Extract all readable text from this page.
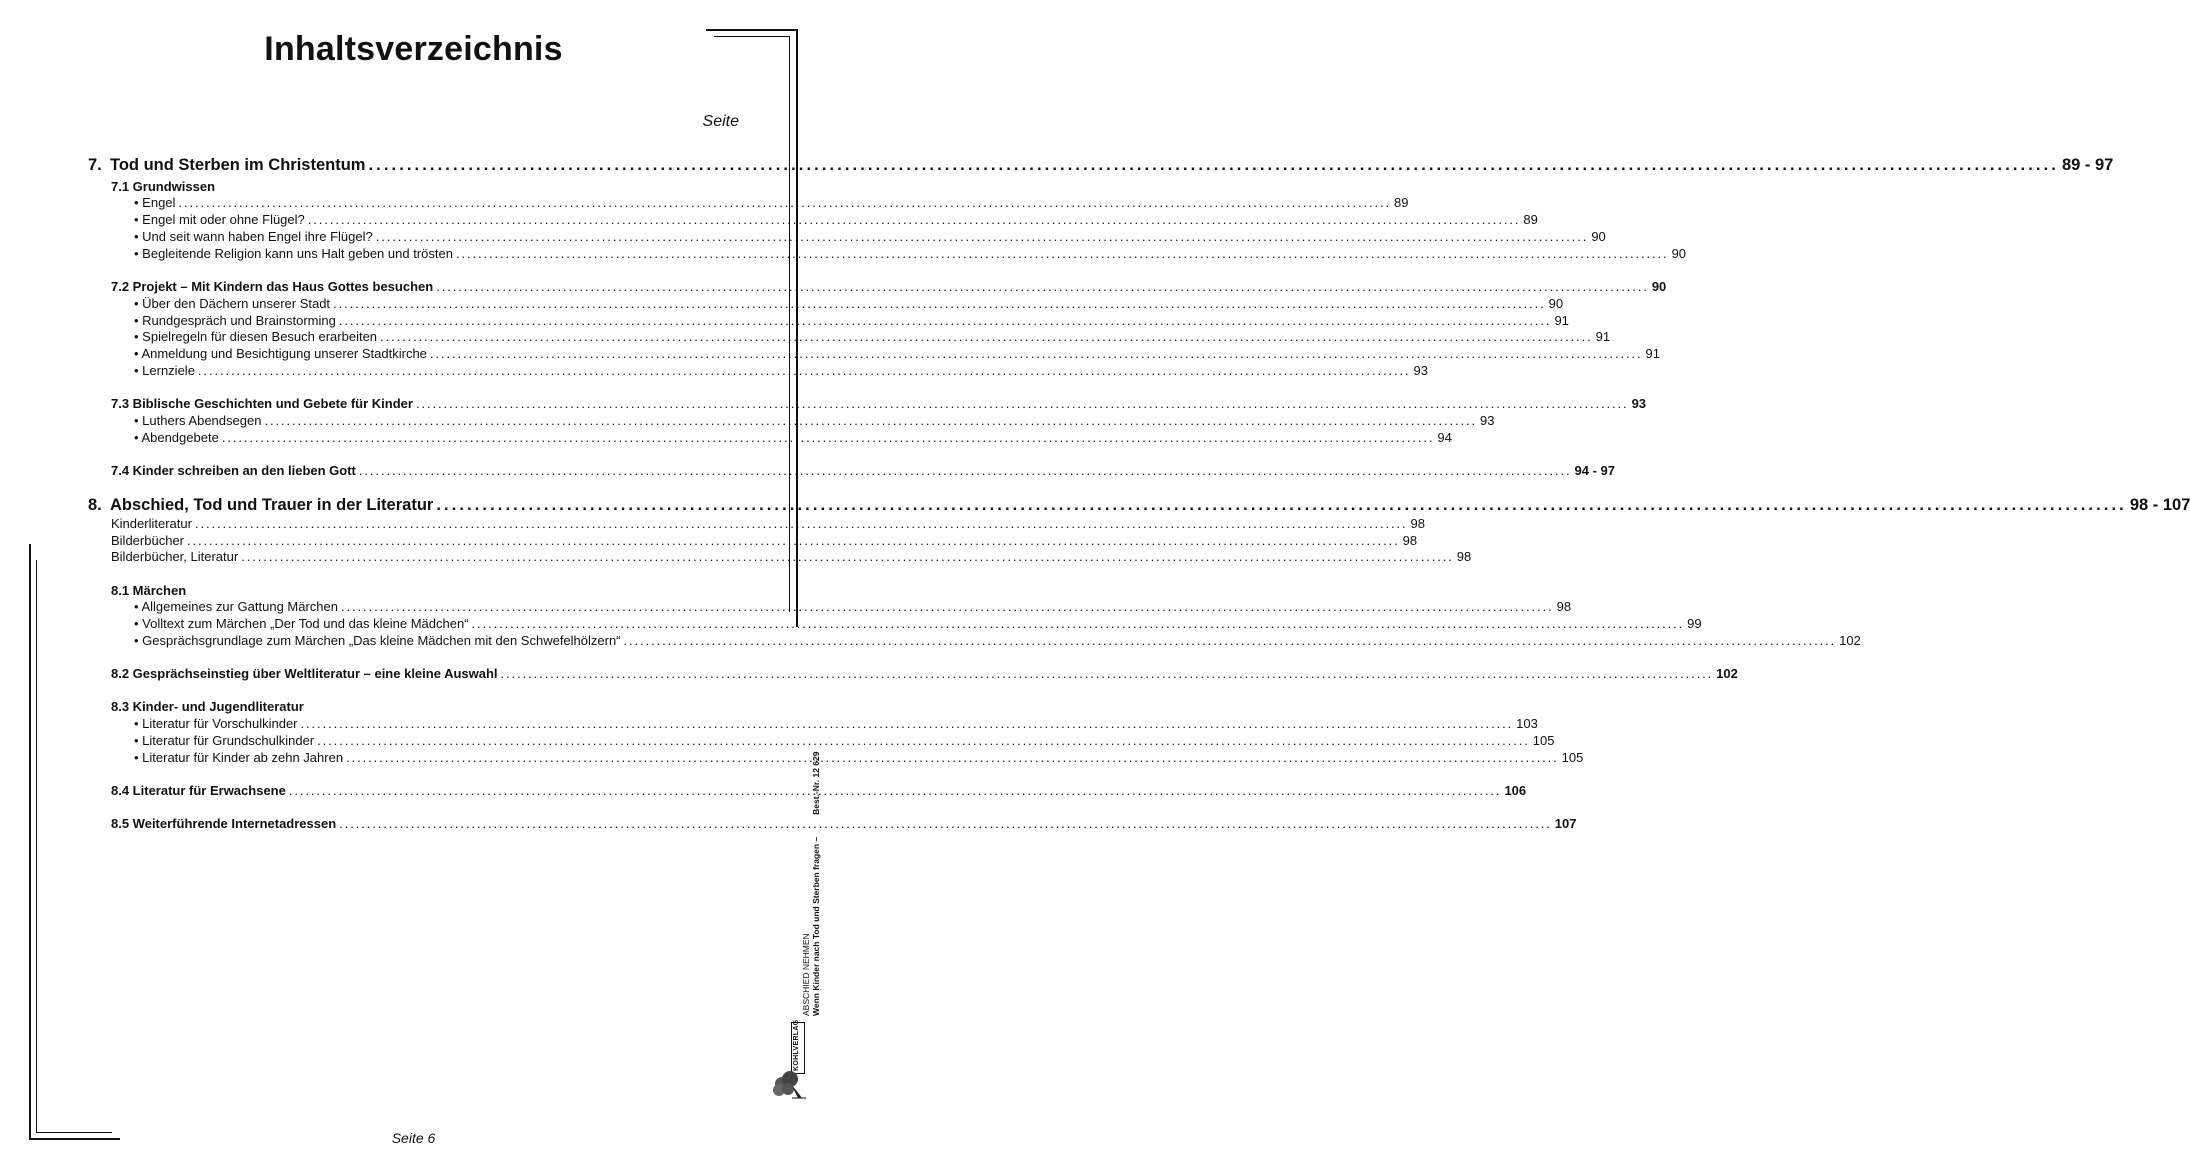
Inhaltsverzeichnis
Seite
7. Tod und Sterben im Christentum ............................................................................................................................................................................................................................ 89 - 97
7.1 Grundwissen
• Engel ............................................................................................................................................................................................................................ 89
• Engel mit oder ohne Flügel? ............................................................................................................................................................................................................................ 89
• Und seit wann haben Engel ihre Flügel? ............................................................................................................................................................................................................................ 90
• Begleitende Religion kann uns Halt geben und trösten ............................................................................................................................................................................................................................ 90
7.2 Projekt – Mit Kindern das Haus Gottes besuchen ............................................................................................................................................................................................................................ 90
• Über den Dächern unserer Stadt ............................................................................................................................................................................................................................ 90
• Rundgespräch und Brainstorming ............................................................................................................................................................................................................................ 91
• Spielregeln für diesen Besuch erarbeiten ............................................................................................................................................................................................................................ 91
• Anmeldung und Besichtigung unserer Stadtkirche ............................................................................................................................................................................................................................ 91
• Lernziele ............................................................................................................................................................................................................................ 93
7.3 Biblische Geschichten und Gebete für Kinder ............................................................................................................................................................................................................................ 93
• Luthers Abendsegen ............................................................................................................................................................................................................................ 93
• Abendgebete ............................................................................................................................................................................................................................ 94
7.4 Kinder schreiben an den lieben Gott ............................................................................................................................................................................................................................ 94 - 97
8. Abschied, Tod und Trauer in der Literatur ............................................................................................................................................................................................................................ 98 - 107
Kinderliteratur ............................................................................................................................................................................................................................ 98
Bilderbücher ............................................................................................................................................................................................................................ 98
Bilderbücher, Literatur ............................................................................................................................................................................................................................ 98
8.1 Märchen
• Allgemeines zur Gattung Märchen ............................................................................................................................................................................................................................ 98
• Volltext zum Märchen „Der Tod und das kleine Mädchen“ ............................................................................................................................................................................................................................ 99
• Gesprächsgrundlage zum Märchen „Das kleine Mädchen mit den Schwefelhölzern“ ............................................................................................................................................................................................................................ 102
8.2 Gesprächseinstieg über Weltliteratur – eine kleine Auswahl ............................................................................................................................................................................................................................ 102
8.3 Kinder- und Jugendliteratur
• Literatur für Vorschulkinder ............................................................................................................................................................................................................................ 103
• Literatur für Grundschulkinder ............................................................................................................................................................................................................................ 105
• Literatur für Kinder ab zehn Jahren ............................................................................................................................................................................................................................ 105
8.4 Literatur für Erwachsene ............................................................................................................................................................................................................................ 106
8.5 Weiterführende Internetadressen ............................................................................................................................................................................................................................ 107
ABSCHIED NEHMEN Wenn Kinder nach Tod und Sterben fragen –Best.-Nr. 12 629
KOHLVERLAG
Seite 6
